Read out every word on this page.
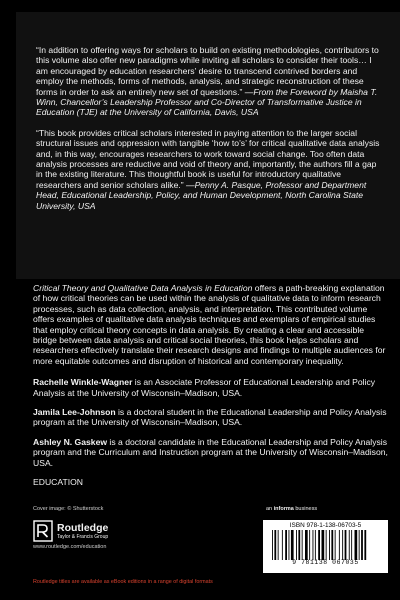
“In addition to offering ways for scholars to build on existing methodologies, contributors to this volume also offer new paradigms while inviting all scholars to consider their tools… I am encouraged by education researchers’ desire to transcend contrived borders and employ the methods, forms of methods, analysis, and strategic reconstruction of these forms in order to ask an entirely new set of questions.” —From the Foreword by Maisha T. Winn, Chancellor’s Leadership Professor and Co-Director of Transformative Justice in Education (TJE) at the University of California, Davis, USA
“This book provides critical scholars interested in paying attention to the larger social structural issues and oppression with tangible ‘how to’s’ for critical qualitative data analysis and, in this way, encourages researchers to work toward social change. Too often data analysis processes are reductive and void of theory and, importantly, the authors fill a gap in the existing literature. This thoughtful book is useful for introductory qualitative researchers and senior scholars alike.” —Penny A. Pasque, Professor and Department Head, Educational Leadership, Policy, and Human Development, North Carolina State University, USA

Critical Theory and Qualitative Data Analysis in Education offers a path-breaking explanation of how critical theories can be used within the analysis of qualitative data to inform research processes, such as data collection, analysis, and interpretation. This contributed volume offers examples of qualitative data analysis techniques and exemplars of empirical studies that employ critical theory concepts in data analysis. By creating a clear and accessible bridge between data analysis and critical social theories, this book helps scholars and researchers effectively translate their research designs and findings to multiple audiences for more equitable outcomes and disruption of historical and contemporary inequality.

Rachelle Winkle-Wagner is an Associate Professor of Educational Leadership and Policy Analysis at the University of Wisconsin–Madison, USA.

Jamila Lee-Johnson is a doctoral student in the Educational Leadership and Policy Analysis program at the University of Wisconsin–Madison, USA.

Ashley N. Gaskew is a doctoral candidate in the Educational Leadership and Policy Analysis program and the Curriculum and Instruction program at the University of Wisconsin–Madison, USA.

EDUCATION

Cover image: © Shutterstock
Routledge
Taylor & Francis Group
www.routledge.com/education
an informa business
ISBN 978-1-138-06703-5
9 781138 067035
Routledge titles are available as eBook editions in a range of digital formats
